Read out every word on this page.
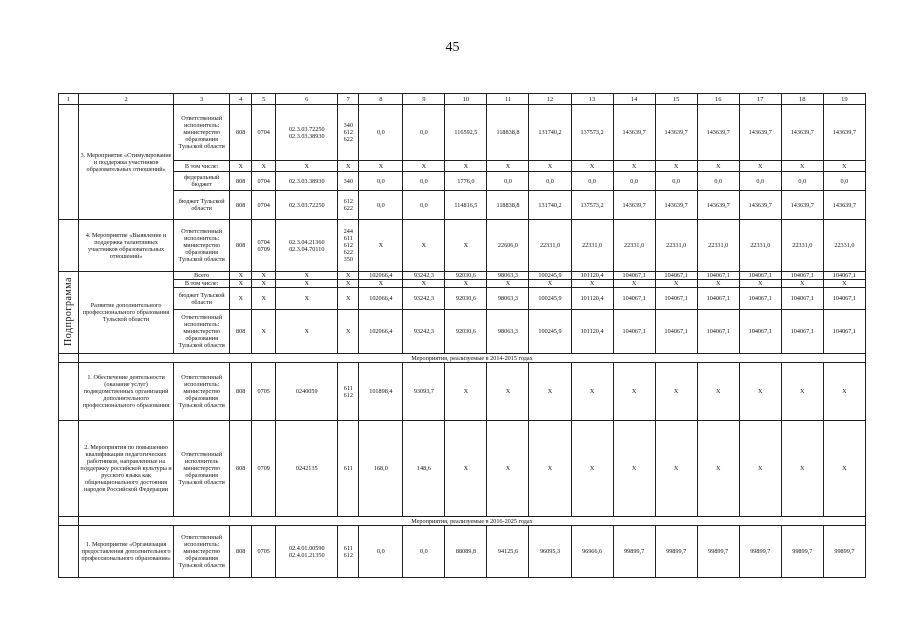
45
1	2	3	4	5	6	7	8	9	10	11	12	13	14	15	16	17	18	19
	3. Мероприятие «Стимулирование и поддержка участников образовательных отношений»	Ответственный исполнитель: министерство образования Тульской области	808	0704	02.3.03.72250
02.3.03.38930	340
612
622	0,0	0,0	116592,5	118838,8	131740,2	137573,2	143639,7	143639,7	143639,7	143639,7	143639,7	143639,7
		В том числе:	X	X	X	X	X	X	X	X	X	X	X	X	X	X	X	X
		федеральный бюджет	808	0704	02.3.03.38930	340	0,0	0,0	1776,0	0,0	0,0	0,0	0,0	0,0	0,0	0,0	0,0	0,0
		бюджет Тульской области	808	0704	02.3.03.72250	612
622	0,0	0,0	114816,5	118838,8	131740,2	137573,2	143639,7	143639,7	143639,7	143639,7	143639,7	143639,7
	4. Мероприятие «Выявление и поддержка талантливых участников образовательных отношений»	Ответственный исполнитель: министерство образования Тульской области	808	0704
0709	02.3.04.21360
02.3.04.70110	244
611
612
622
350	X	X	X	22606,0	22331,0	22331,0	22331,0	22331,0	22331,0	22331,0	22331,0	22331,0
Подпрограмма	Развитие дополнительного профессионального образования Тульской области	Всего	X	X	X	X	102066,4	93242,3	92030,6	98063,3	100245,9	101120,4	104067,1	104067,1	104067,1	104067,1	104067,1	104067,1
		В том числе:	X	X	X	X	X	X	X	X	X	X	X	X	X	X	X	X
		бюджет Тульской области	X	X	X	X	102066,4	93242,3	92030,6	98063,3	100245,9	101120,4	104067,1	104067,1	104067,1	104067,1	104067,1	104067,1
		Ответственный исполнитель: министерство образования Тульской области	808	X	X	X	102066,4	93242,3	92030,6	98063,3	100245,9	101120,4	104067,1	104067,1	104067,1	104067,1	104067,1	104067,1
	Мероприятия, реализуемые в 2014-2015 годах																	
	1. Обеспечение деятельности (оказание услуг) подведомственных организаций дополнительного профессионального образования	Ответственный исполнитель: министерство образования Тульской области	808	0705	0240059	611
612	101898,4	93093,7	X	X	X	X	X	X	X	X	X	X
	2. Мероприятия по повышению квалификации педагогических работников, направленные на поддержку российской культуры и русского языка как общенационального достояния народов Российской Федерации	Ответственный исполнитель министерство образования Тульской области	808	0709	0242135	611	168,0	148,6	X	X	X	X	X	X	X	X	X	X
	Мероприятия, реализуемые в 2016-2025 годах																	
	1. Мероприятие «Организация предоставления дополнительного профессионального образования»	Ответственный исполнитель: министерство образования Тульской области	808	0705	02.4.01.00590
02.4.01.21350	611
612	0,0	0,0	88089,8	94125,6	96095,3	96966,6	99899,7	99899,7	99899,7	99899,7	99899,7	99899,7
